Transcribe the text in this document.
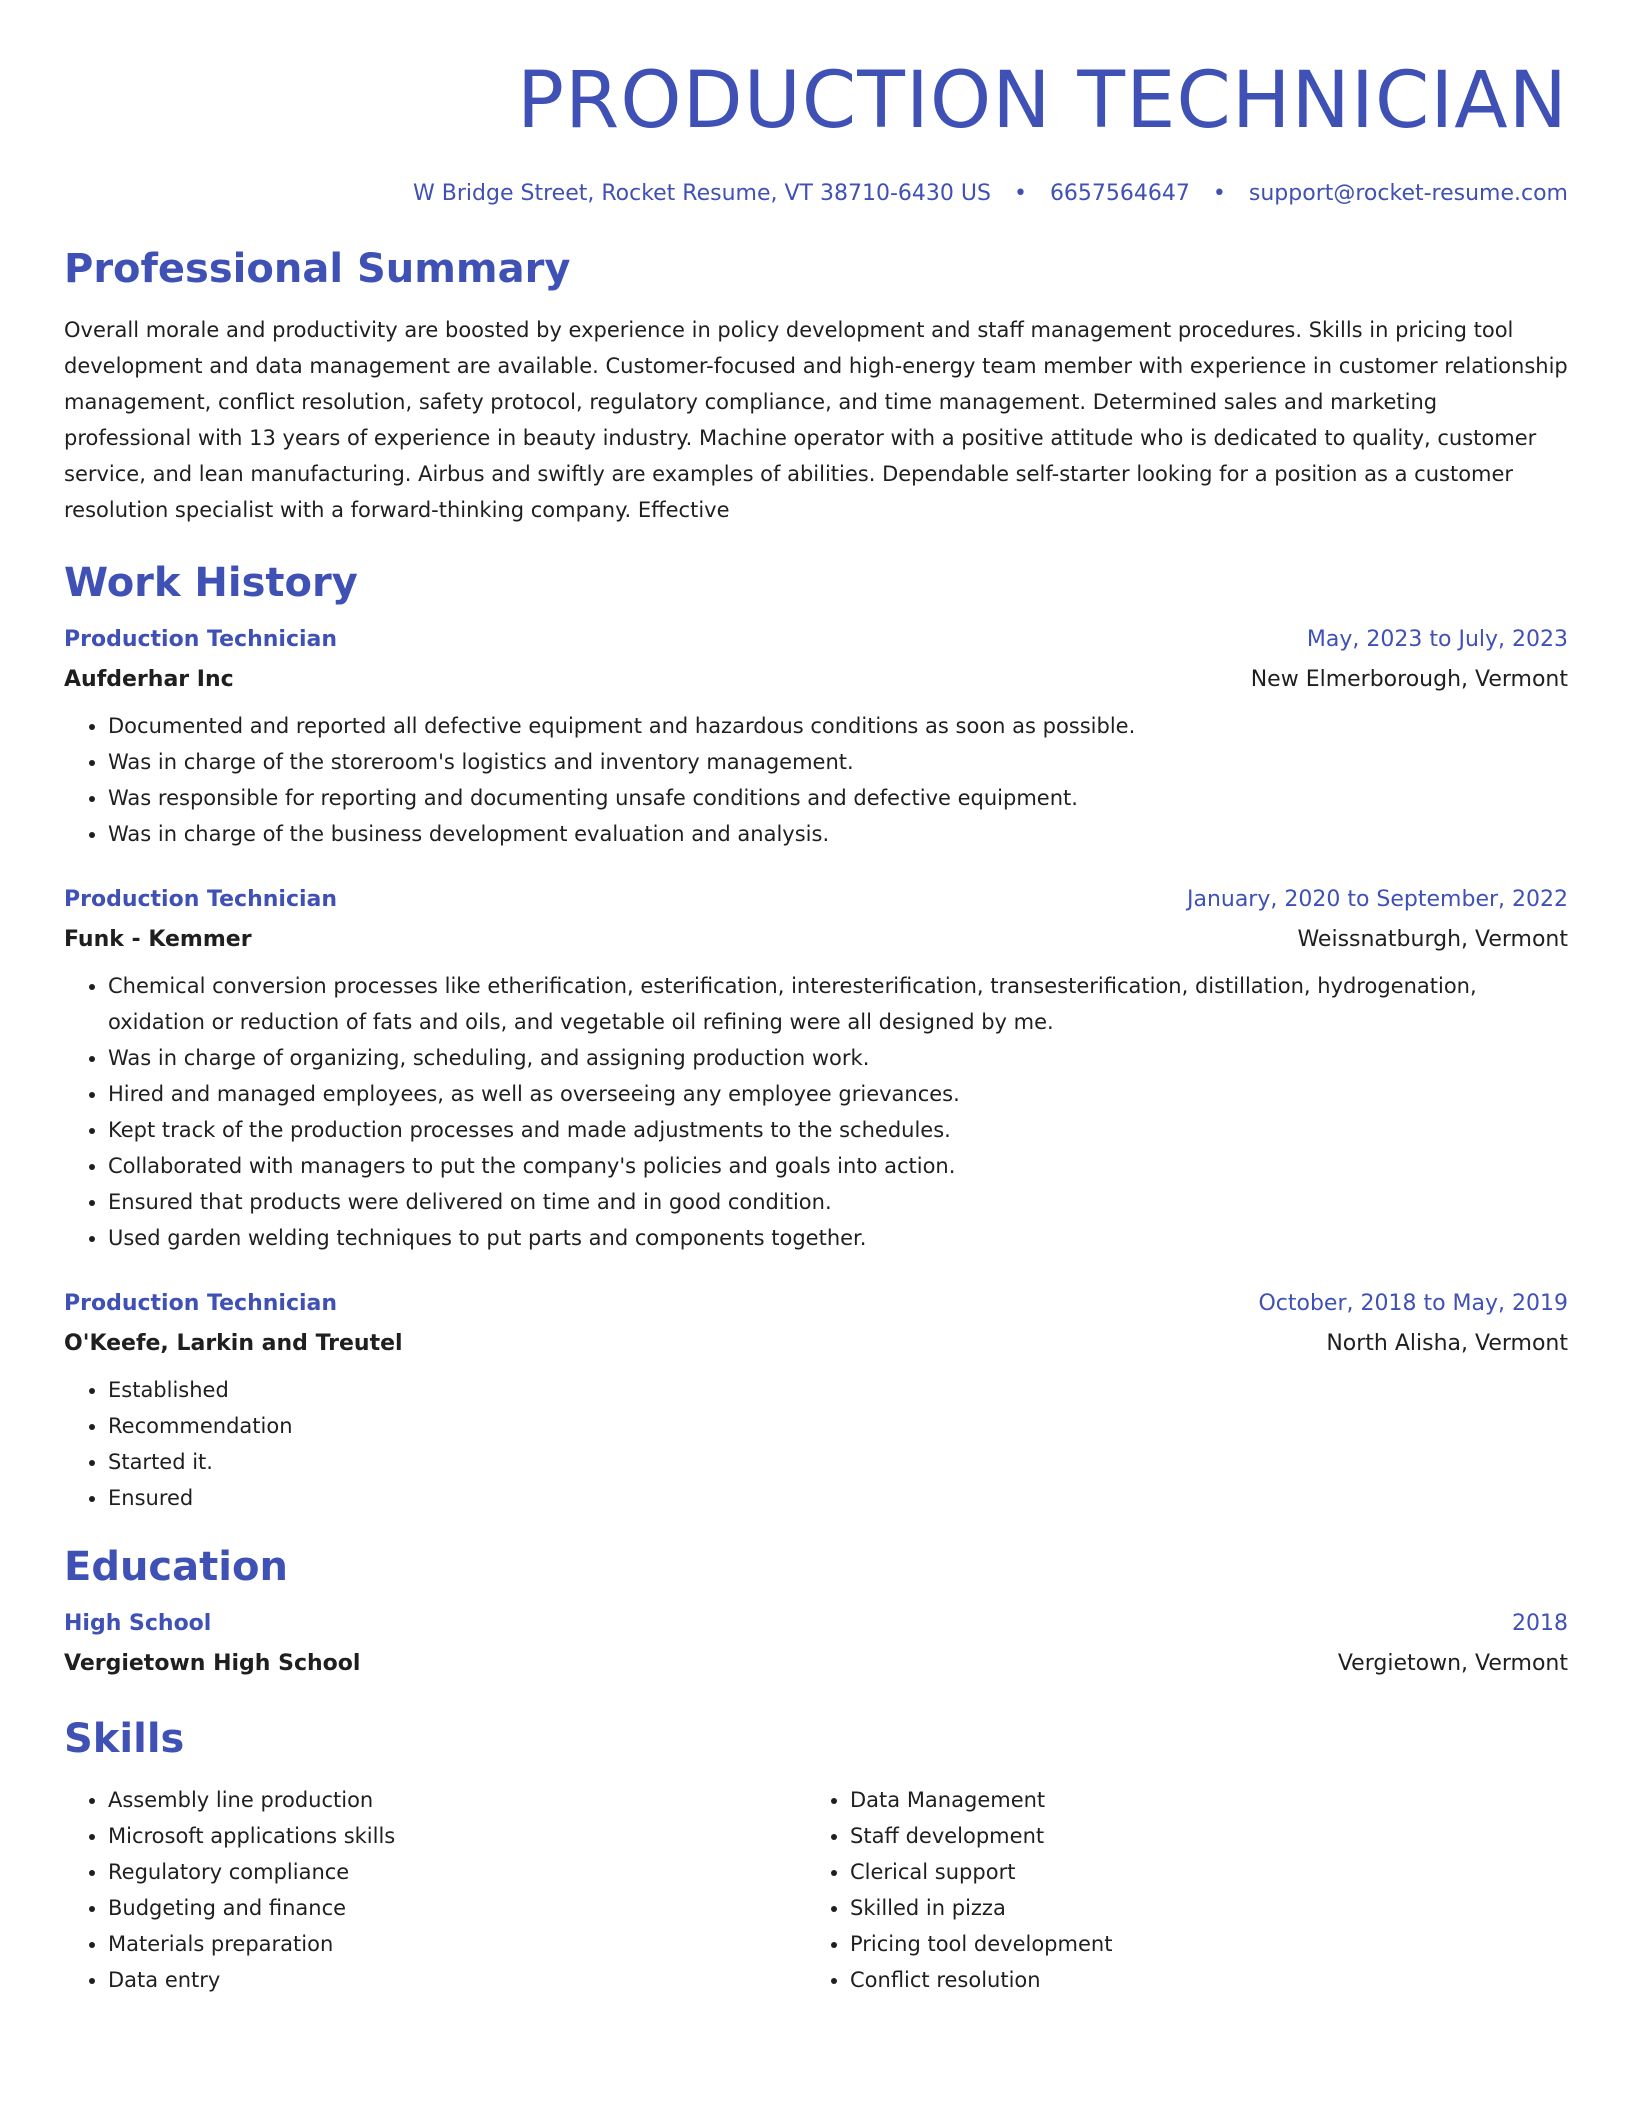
PRODUCTION TECHNICIAN
W Bridge Street, Rocket Resume, VT 38710-6430 US • 6657564647 • support@rocket-resume.com
Professional Summary
Overall morale and productivity are boosted by experience in policy development and staff management procedures. Skills in pricing tool development and data management are available. Customer-focused and high-energy team member with experience in customer relationship management, conflict resolution, safety protocol, regulatory compliance, and time management. Determined sales and marketing professional with 13 years of experience in beauty industry. Machine operator with a positive attitude who is dedicated to quality, customer service, and lean manufacturing. Airbus and swiftly are examples of abilities. Dependable self-starter looking for a position as a customer resolution specialist with a forward-thinking company. Effective
Work History
Production Technician	May, 2023 to July, 2023
Aufderhar Inc	New Elmerborough, Vermont
• Documented and reported all defective equipment and hazardous conditions as soon as possible.
• Was in charge of the storeroom's logistics and inventory management.
• Was responsible for reporting and documenting unsafe conditions and defective equipment.
• Was in charge of the business development evaluation and analysis.
Production Technician	January, 2020 to September, 2022
Funk - Kemmer	Weissnatburgh, Vermont
• Chemical conversion processes like etherification, esterification, interesterification, transesterification, distillation, hydrogenation, oxidation or reduction of fats and oils, and vegetable oil refining were all designed by me.
• Was in charge of organizing, scheduling, and assigning production work.
• Hired and managed employees, as well as overseeing any employee grievances.
• Kept track of the production processes and made adjustments to the schedules.
• Collaborated with managers to put the company's policies and goals into action.
• Ensured that products were delivered on time and in good condition.
• Used garden welding techniques to put parts and components together.
Production Technician	October, 2018 to May, 2019
O'Keefe, Larkin and Treutel	North Alisha, Vermont
• Established
• Recommendation
• Started it.
• Ensured
Education
High School	2018
Vergietown High School	Vergietown, Vermont
Skills
• Assembly line production
• Microsoft applications skills
• Regulatory compliance
• Budgeting and finance
• Materials preparation
• Data entry
• Data Management
• Staff development
• Clerical support
• Skilled in pizza
• Pricing tool development
• Conflict resolution
